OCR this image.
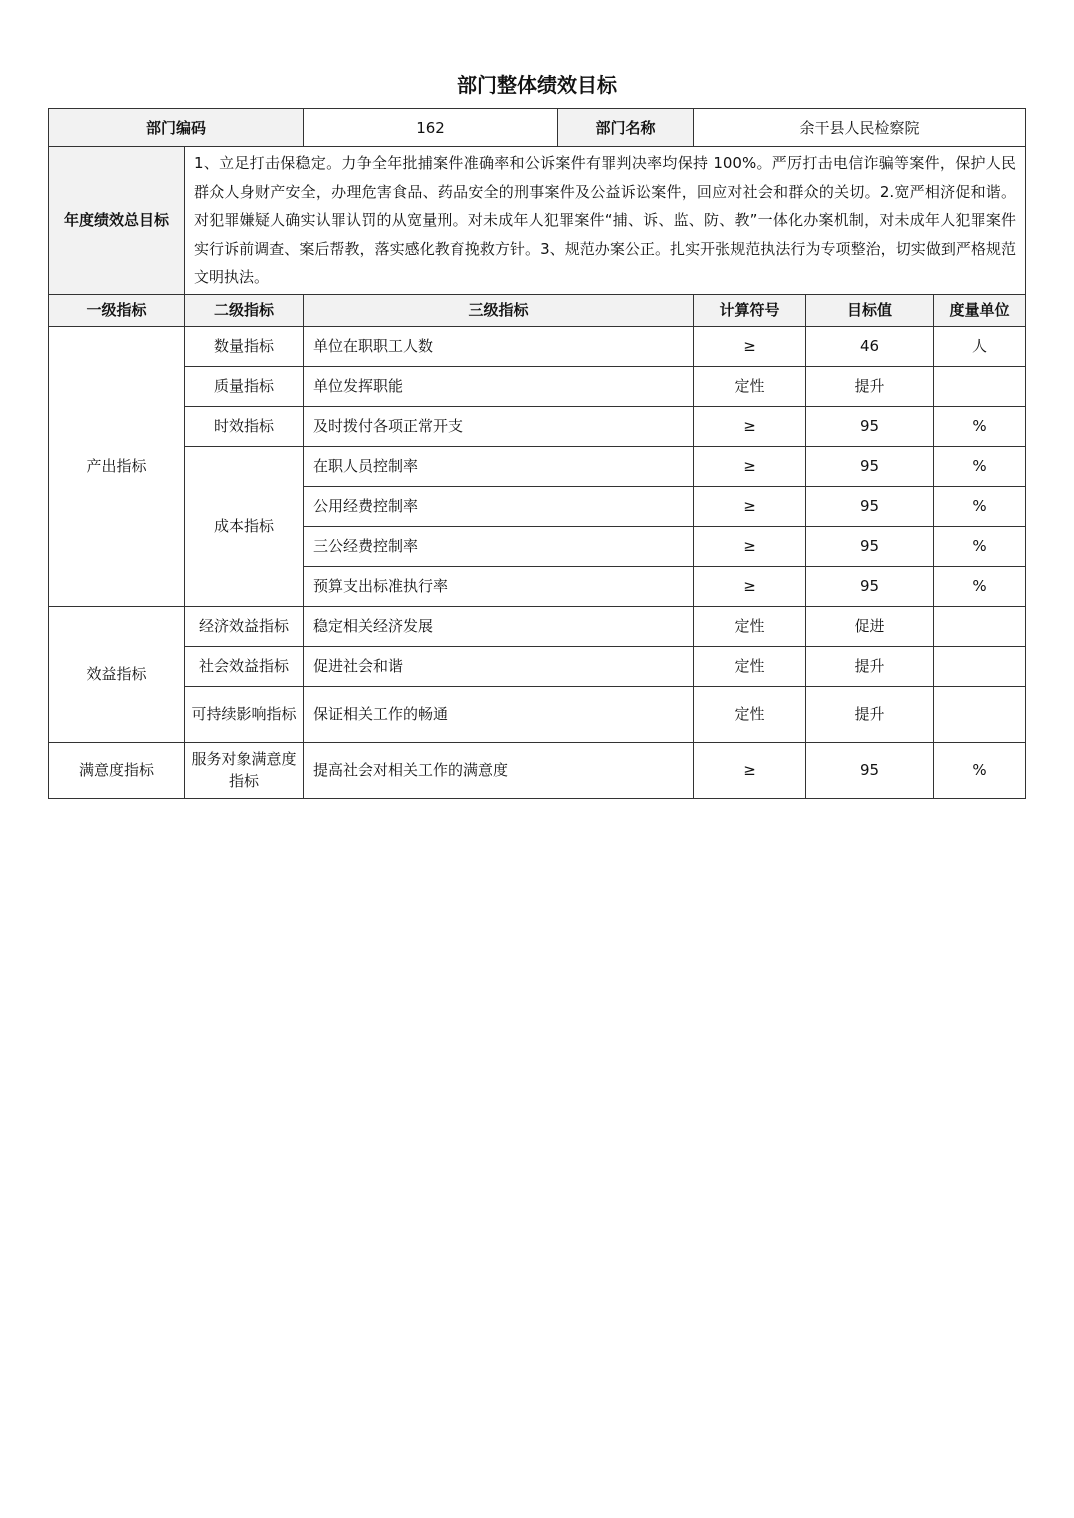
部门整体绩效目标
部门编码		162	部门名称	余干县人民检察院		
年度绩效总目标	1、立足打击保稳定。力争全年批捕案件准确率和公诉案件有罪判决率均保持 100%。严厉打击电信诈骗等案件，保护人民群众人身财产安全，办理危害食品、药品安全的刑事案件及公益诉讼案件，回应对社会和群众的关切。2.宽严相济促和谐。对犯罪嫌疑人确实认罪认罚的从宽量刑。对未成年人犯罪案件“捕、诉、监、防、教”一体化办案机制，对未成年人犯罪案件实行诉前调查、案后帮教，落实感化教育挽救方针。3、规范办案公正。扎实开张规范执法行为专项整治，切实做到严格规范文明执法。					
一级指标	二级指标	三级指标		计算符号	目标值	度量单位
产出指标	数量指标	单位在职职工人数		≥	46	人
	质量指标	单位发挥职能		定性	提升	
	时效指标	及时拨付各项正常开支		≥	95	%
	成本指标	在职人员控制率		≥	95	%
		公用经费控制率		≥	95	%
		三公经费控制率		≥	95	%
		预算支出标准执行率		≥	95	%
效益指标	经济效益指标	稳定相关经济发展		定性	促进	
	社会效益指标	促进社会和谐		定性	提升	
	可持续影响指标	保证相关工作的畅通		定性	提升	
满意度指标	服务对象满意度指标	提高社会对相关工作的满意度		≥	95	%
